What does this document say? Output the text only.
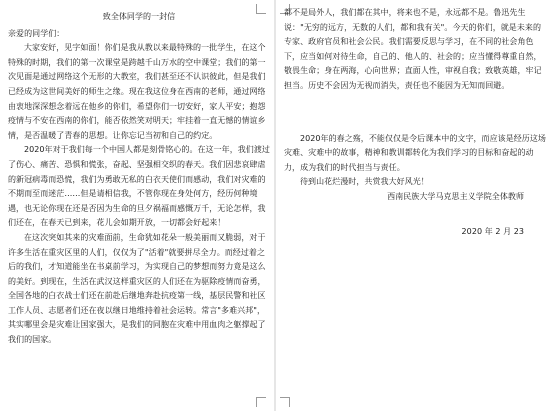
致全体同学的一封信

亲爱的同学们：

大家安好，见字如面！你们是我从教以来最特殊的一批学生，在这个特殊的时期，我们的第一次课堂是跨越千山万水的空中课堂；我们的第一次见面是通过网络这个无形的大教室，我们甚至还不认识彼此，但是我们已经成为这世间美好的师生之缘。现在我这位身在西南的老师，通过网络由衷地深深想念着远在他乡的你们，希望你们一切安好，家人平安；抱怨疫情与不安在西南的你们，能否依然笑对明天；牢挂着一直无憾的情谊乡情，是否温暖了青春的思想。让你忘记当初和自己的约定。

2020年对于我们每一个中国人都是刻骨铭心的。在这一年，我们渡过了伤心、痛苦、恐惧和慌张，奋起、坚强相交织的春天。我们因悲哀肆虐的新冠病毒而恐慌，我们为勇敢无私的白衣天使们而感动，我们对灾难的不期而至而迷茫……但是请相信我，不管你现在身处何方，经历何种境遇，也无论你现在还是否因为生命的旦夕祸福而感慨万千，无论怎样，我们还在，在春天已到来，花儿会如期开放，一切都会好起来！

在这次突如其来的灾难面前，生命犹如花朵一般美丽而又脆弱，对于许多生活在重灾区里的人们，仅仅为了"活着"就要拼尽全力。而经过着之后的我们，才知道能坐在书桌前学习，为实现自己的梦想而努力竟是这么的美好。到现在，生活在武汉这样重灾区的人们还在为驱除疫情而奋勇，全国各地的白衣战士们还在前赴后继地奔赴抗疫第一线，基层民警和社区工作人员、志愿者们还在夜以继日地维持着社会运转。常言"多难兴邦"，其实哪里会是灾难让国家强大，是我们的同胞在灾难中用血肉之躯撑起了我们的国家。

都不是局外人，我们都在其中，将来也不是，永远都不是。鲁迅先生说："无穷的远方，无数的人们，都和我有关"。今天的你们，就是未来的专家、政府官员和社会公民。我们需要反思与学习，在不同的社会角色下，应当如何对待生命，自己的、他人的、社会的；应当懂得尊重自然，敬畏生命；身在两海，心向世界；直面人性，审视自我；致敬英雄，牢记担当。历史不会因为无视而消失，责任也不能因为无知而回避。

2020年的春之殇，不能仅仅是令后课本中的文字，而应该是经历这场灾难、灾难中的故事，精神和教训都转化为我们学习的目标和奋起的动力，成为我们的时代担当与责任。

待到山花烂漫时，共赏我大好风光！

西南民族大学马克思主义学院全体教师

2020 年 2 月 23
